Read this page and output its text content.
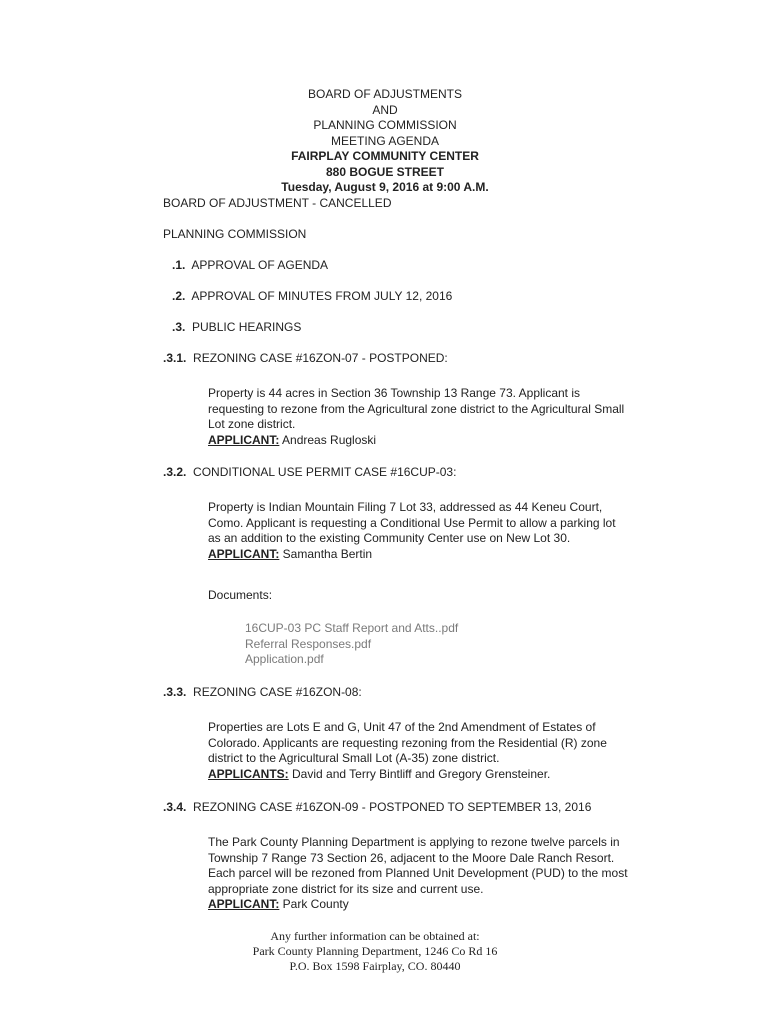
BOARD OF ADJUSTMENTS
AND
PLANNING COMMISSION
MEETING AGENDA
FAIRPLAY COMMUNITY CENTER
880 BOGUE STREET
Tuesday, August 9, 2016 at 9:00 A.M.
BOARD OF ADJUSTMENT - CANCELLED
PLANNING COMMISSION
.1. APPROVAL OF AGENDA
.2. APPROVAL OF MINUTES FROM JULY 12, 2016
.3. PUBLIC HEARINGS
.3.1. REZONING CASE #16ZON-07 - POSTPONED:
Property is 44 acres in Section 36 Township 13 Range 73. Applicant is
requesting to rezone from the Agricultural zone district to the Agricultural Small
Lot zone district.
APPLICANT: Andreas Rugloski
.3.2. CONDITIONAL USE PERMIT CASE #16CUP-03:
Property is Indian Mountain Filing 7 Lot 33, addressed as 44 Keneu Court,
Como. Applicant is requesting a Conditional Use Permit to allow a parking lot
as an addition to the existing Community Center use on New Lot 30.
APPLICANT: Samantha Bertin
Documents:
16CUP-03 PC Staff Report and Atts..pdf
Referral Responses.pdf
Application.pdf
.3.3. REZONING CASE #16ZON-08:
Properties are Lots E and G, Unit 47 of the 2nd Amendment of Estates of
Colorado. Applicants are requesting rezoning from the Residential (R) zone
district to the Agricultural Small Lot (A-35) zone district.
APPLICANTS: David and Terry Bintliff and Gregory Grensteiner.
.3.4. REZONING CASE #16ZON-09 - POSTPONED TO SEPTEMBER 13, 2016
The Park County Planning Department is applying to rezone twelve parcels in
Township 7 Range 73 Section 26, adjacent to the Moore Dale Ranch Resort.
Each parcel will be rezoned from Planned Unit Development (PUD) to the most
appropriate zone district for its size and current use.
APPLICANT: Park County
Any further information can be obtained at:
Park County Planning Department, 1246 Co Rd 16
P.O. Box 1598 Fairplay, CO. 80440
